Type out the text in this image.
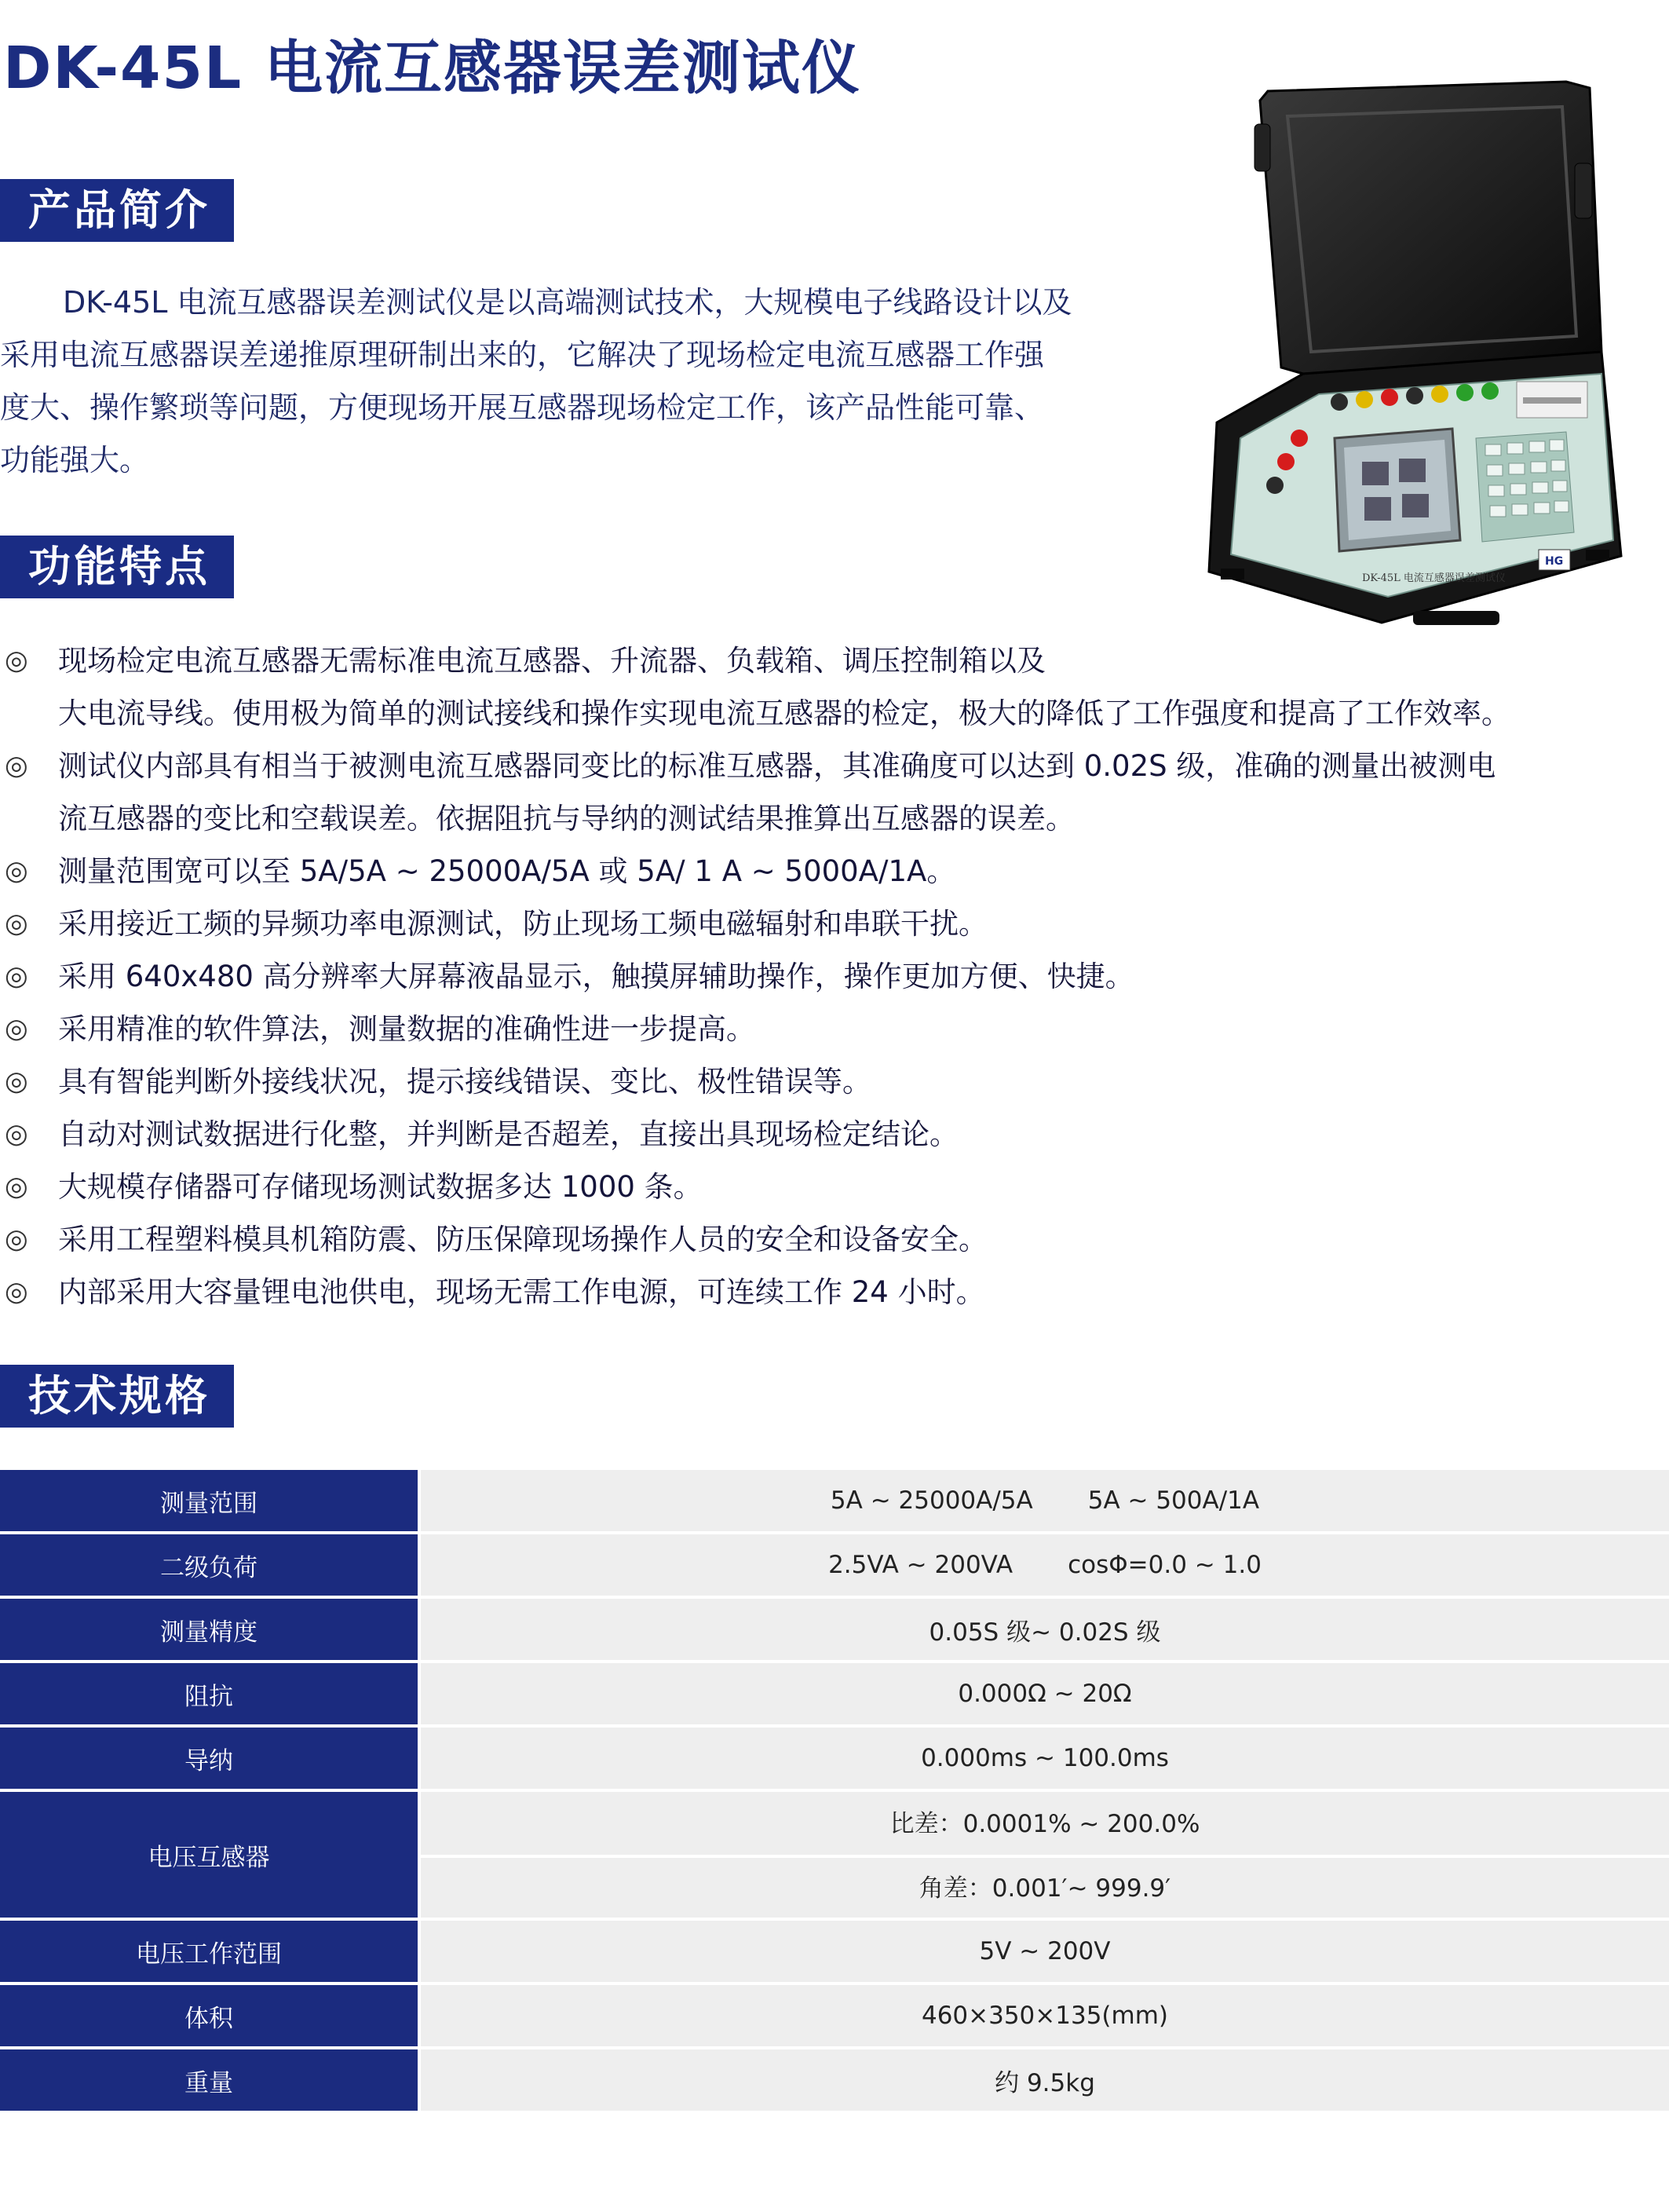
DK-45L 电流互感器误差测试仪
产品简介
DK-45L 电流互感器误差测试仪是以高端测试技术，大规模电子线路设计以及
采用电流互感器误差递推原理研制出来的，它解决了现场检定电流互感器工作强
度大、操作繁琐等问题，方便现场开展互感器现场检定工作，该产品性能可靠、
功能强大。
功能特点
◎	现场检定电流互感器无需标准电流互感器、升流器、负载箱、调压控制箱以及
大电流导线。使用极为简单的测试接线和操作实现电流互感器的检定，极大的降低了工作强度和提高了工作效率。
◎	测试仪内部具有相当于被测电流互感器同变比的标准互感器，其准确度可以达到 0.02S 级，准确的测量出被测电
流互感器的变比和空载误差。依据阻抗与导纳的测试结果推算出互感器的误差。
◎	测量范围宽可以至 5A/5A ~ 25000A/5A 或 5A/ 1 A ~ 5000A/1A。
◎	采用接近工频的异频功率电源测试，防止现场工频电磁辐射和串联干扰。
◎	采用 640x480 高分辨率大屏幕液晶显示，触摸屏辅助操作，操作更加方便、快捷。
◎	采用精准的软件算法，测量数据的准确性进一步提高。
◎	具有智能判断外接线状况，提示接线错误、变比、极性错误等。
◎	自动对测试数据进行化整，并判断是否超差，直接出具现场检定结论。
◎	大规模存储器可存储现场测试数据多达 1000 条。
◎	采用工程塑料模具机箱防震、防压保障现场操作人员的安全和设备安全。
◎	内部采用大容量锂电池供电，现场无需工作电源，可连续工作 24 小时。
技术规格
测量范围	5A ~ 25000A/5A 5A ~ 500A/1A
二级负荷	2.5VA ~ 200VA cosΦ=0.0 ~ 1.0
测量精度	0.05S 级~ 0.02S 级
阻抗	0.000Ω ~ 20Ω
导纳	0.000ms ~ 100.0ms
电压互感器	比差：0.0001% ~ 200.0%
角差：0.001′~ 999.9′

电压工作范围	5V ~ 200V
体积	460×350×135(mm)
重量	约 9.5kg
DK-45L 电流互感器误差测试仪
HG
